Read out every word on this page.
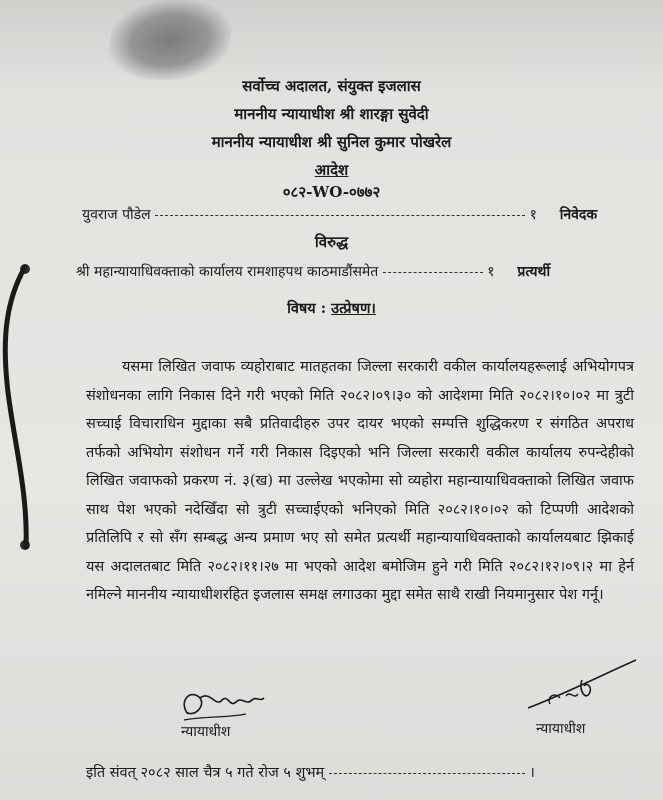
सर्वोच्च अदालत, संयुक्त इजलास
माननीय न्यायाधीश श्री शारङ्गा सुवेदी
माननीय न्यायाधीश श्री सुनिल कुमार पोखरेल
आदेश
०८२-WO-०७७२
युवराज पौडेल	१ निवेदक
विरुद्ध
श्री महान्यायाधिवक्ताको कार्यालय रामशाहपथ काठमाडौंसमेत	१ प्रत्यर्थी
विषय : उत्प्रेषण।

यसमा लिखित जवाफ व्यहोराबाट मातहतका जिल्ला सरकारी वकील कार्यालयहरूलाई अभियोगपत्र संशोधनका लागि निकास दिने गरी भएको मिति २०८२।०९।३० को आदेशमा मिति २०८२।१०।०२ मा त्रुटी सच्चाई विचाराधिन मुद्दाका सबै प्रतिवादीहरु उपर दायर भएको सम्पत्ति शुद्धिकरण र संगठित अपराध तर्फको अभियोग संशोधन गर्ने गरी निकास दिइएको भनि जिल्ला सरकारी वकील कार्यालय रुपन्देहीको लिखित जवाफको प्रकरण नं. ३(ख) मा उल्लेख भएकोमा सो व्यहोरा महान्यायाधिवक्ताको लिखित जवाफ साथ पेश भएको नदेखिँदा सो त्रुटी सच्चाईएको भनिएको मिति २०८२।१०।०२ को टिप्पणी आदेशको प्रतिलिपि र सो सँग सम्बद्ध अन्य प्रमाण भए सो समेत प्रत्यर्थी महान्यायाधिवक्ताको कार्यालयबाट झिकाई यस अदालतबाट मिति २०८२।११।२७ मा भएको आदेश बमोजिम हुने गरी मिति २०८२।१२।०९।२ मा हेर्न नमिल्ने माननीय न्यायाधीशरहित इजलास समक्ष लगाउका मुद्दा समेत साथै राखी नियमानुसार पेश गर्नू।

न्यायाधीश	न्यायाधीश
इति संवत् २०८२ साल चैत्र ५ गते रोज ५ शुभम्	।
